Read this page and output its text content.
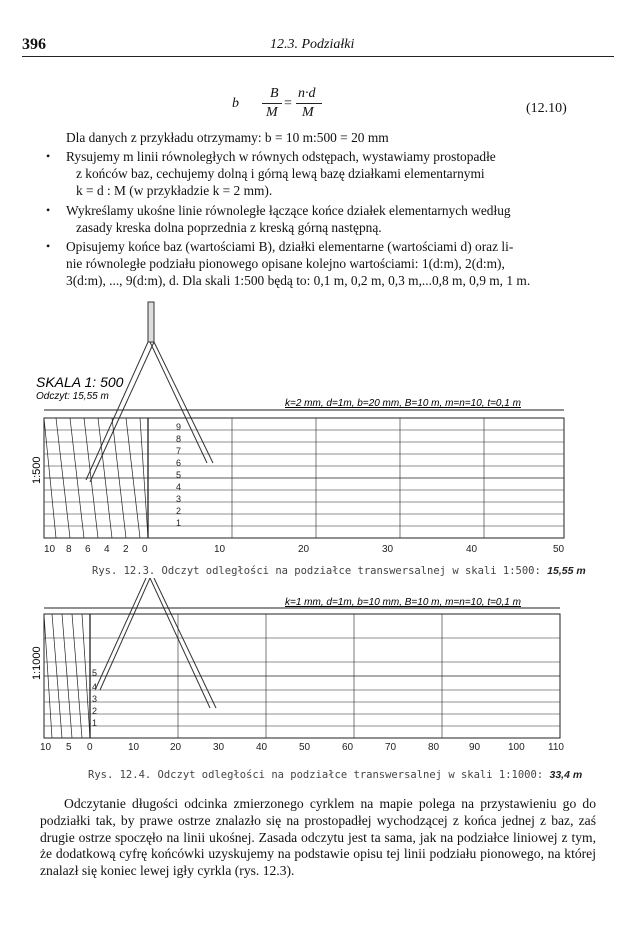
396	12.3. Podziałki
b
B
=
n·d
M M	(12.10)
Dla danych z przykładu otrzymamy: b = 10 m:500 = 20 mm
• Rysujemy m linii równoległych w równych odstępach, wystawiamy prostopadłe
z końców baz, cechujemy dolną i górną lewą bazę działkami elementarnymi
k = d : M (w przykładzie k = 2 mm).
• Wykreślamy ukośne linie równoległe łączące końce działek elementarnych według
zasady kreska dolna poprzednia z kreską górną następną.
• Opisujemy końce baz (wartościami B), działki elementarne (wartościami d) oraz li-
nie równoległe podziału pionowego opisane kolejno wartościami: 1(d:m), 2(d:m),
3(d:m), ..., 9(d:m), d. Dla skali 1:500 będą to: 0,1 m, 0,2 m, 0,3 m,...0,8 m, 0,9 m, 1 m.
SKALA 1: 500
Odczyt: 15,55 m
k=2 mm, d=1m, b=20 mm, B=10 m, m=n=10, t=0,1 m
1:500
9
8
7
6
5
4
3
2
1
10 8 6 4 2 0	10	20	30	40	50
Rys. 12.3. Odczyt odległości na podziałce transwersalnej w skali 1:500: 15,55 m
k=1 mm, d=1m, b=10 mm, B=10 m, m=n=10, t=0,1 m
1:1000	5
4
3
2
1
10 5 0	10	20	30	40	50	60	70	80	90	100 110
Rys. 12.4. Odczyt odległości na podziałce transwersalnej w skali 1:1000: 33,4 m
Odczytanie długości odcinka zmierzonego cyrklem na mapie polega na przystawieniu go do podziałki tak, by prawe ostrze znalazło się na prostopadłej wychodzącej z końca jednej z baz, zaś drugie ostrze spoczęło na linii ukośnej. Zasada odczytu jest ta sama, jak na podziałce liniowej z tym, że dodatkową cyfrę końcówki uzyskujemy na podstawie opisu tej linii podziału pionowego, na której znalazł się koniec lewej igły cyrkla (rys. 12.3).
